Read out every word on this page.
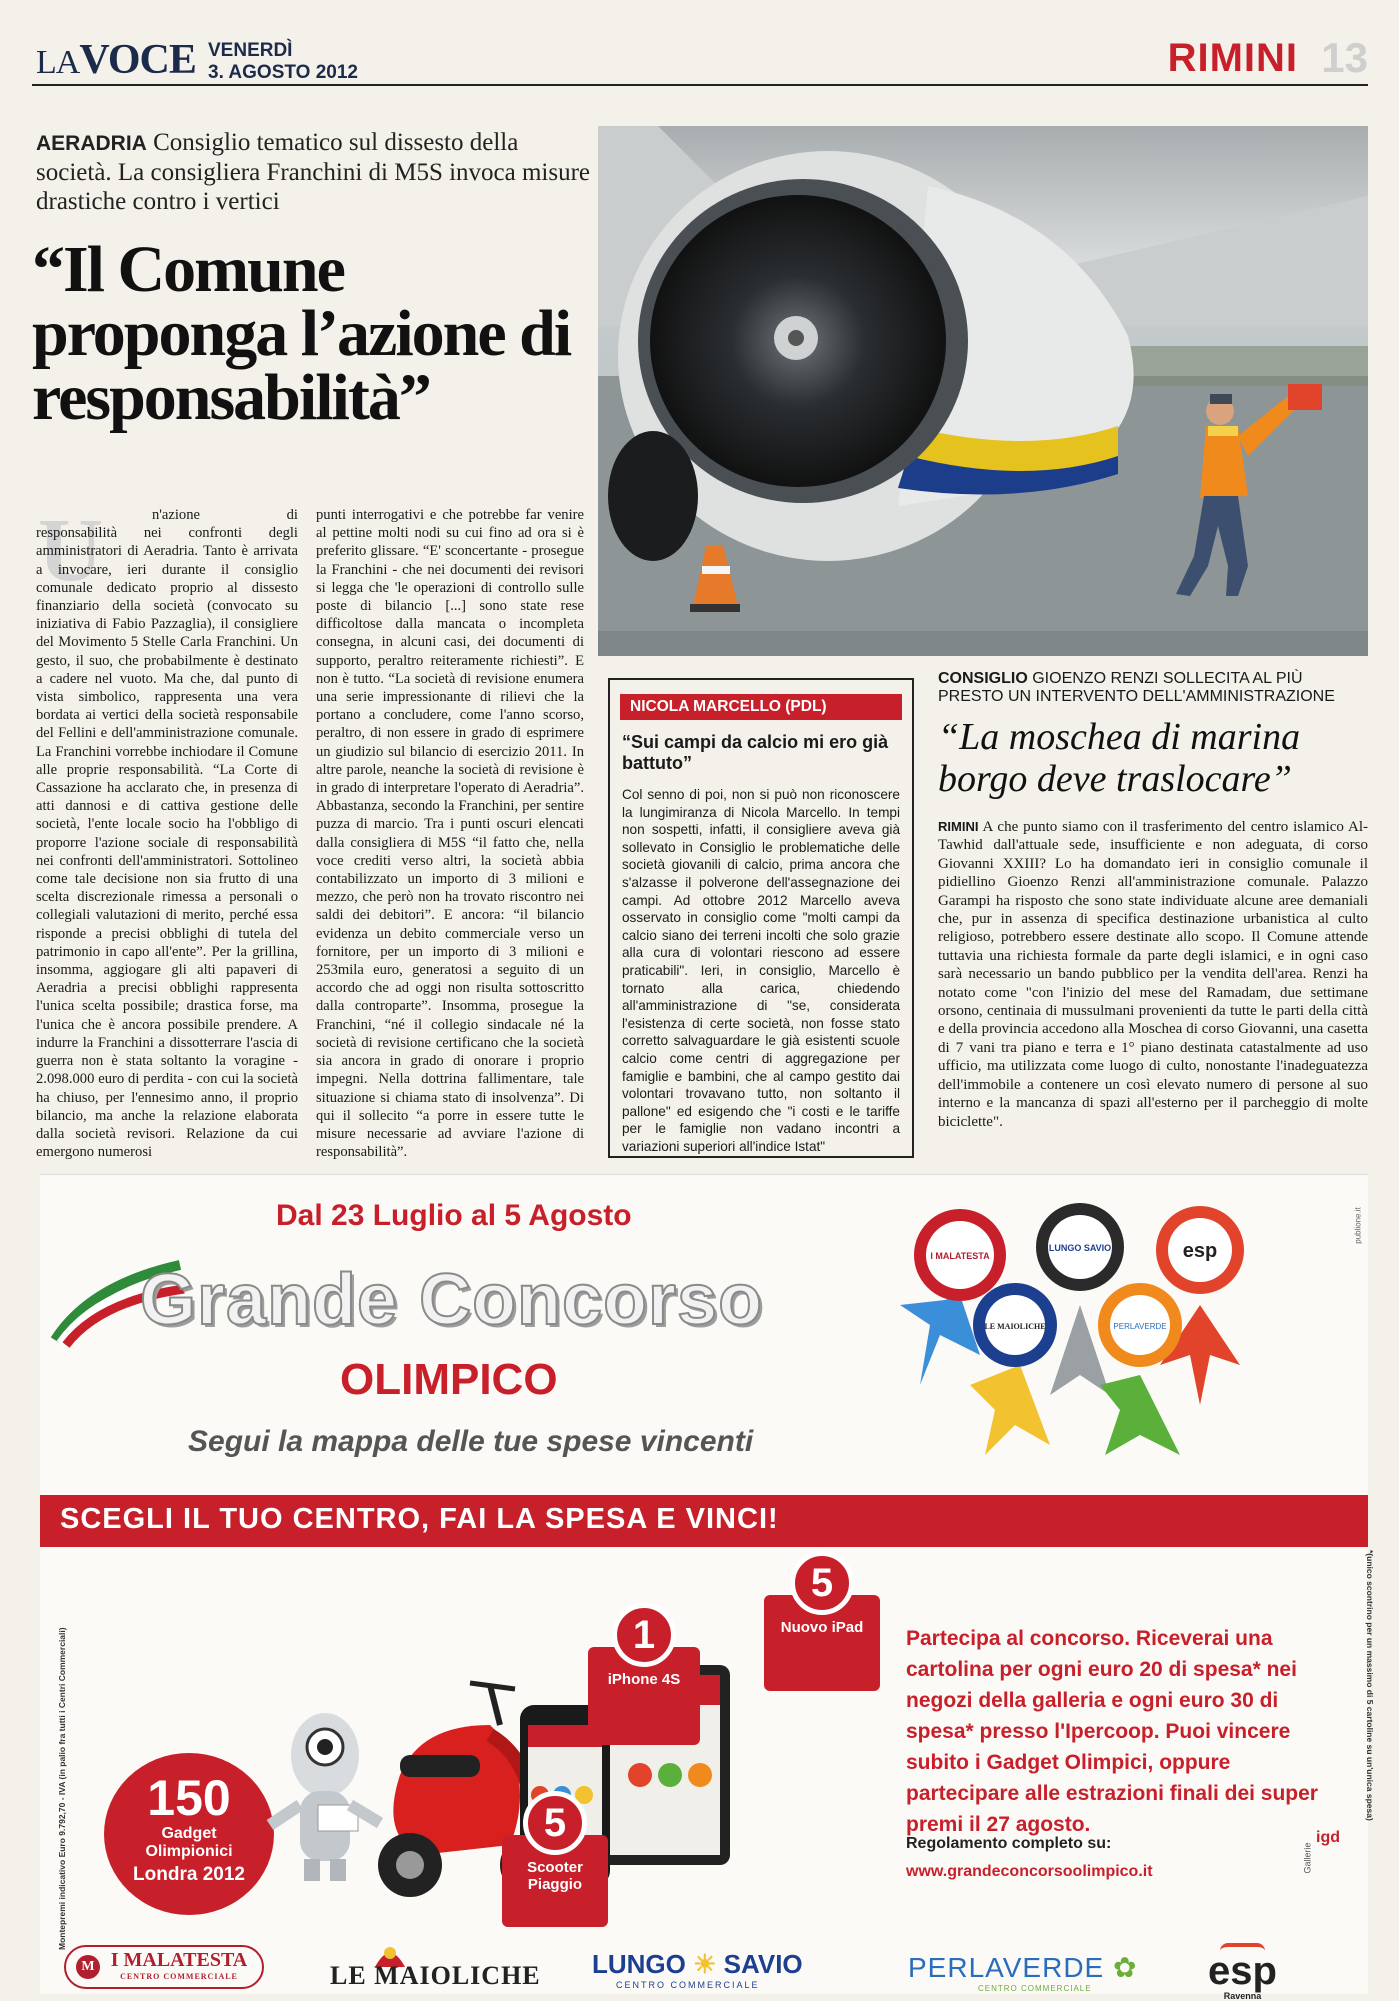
LAVOCE VENERDÌ
3. AGOSTO 2012	RIMINI 13
AERADRIA Consiglio tematico sul dissesto della società. La consigliera Franchini di M5S invoca misure drastiche contro i vertici
“Il Comune proponga l’azione di responsabilità”
U	n'azione di responsabilità nei confronti degli amministratori di Aeradria. Tanto è arrivata a invocare, ieri durante il consiglio comunale dedicato proprio al dissesto finanziario della società (convocato su iniziativa di Fabio Pazzaglia), il consigliere del Movimento 5 Stelle Carla Franchini. Un gesto, il suo, che probabilmente è destinato a cadere nel vuoto. Ma che, dal punto di vista simbolico, rappresenta una vera bordata ai vertici della società responsabile del Fellini e dell'amministrazione comunale. La Franchini vorrebbe inchiodare il Comune alle proprie responsabilità. “La Corte di Cassazione ha acclarato che, in presenza di atti dannosi e di cattiva gestione delle società, l'ente locale socio ha l'obbligo di proporre l'azione sociale di responsabilità nei confronti dell'amministratori. Sottolineo come tale decisione non sia frutto di una scelta discrezionale rimessa a personali o collegiali valutazioni di merito, perché essa risponde a precisi obblighi di tutela del patrimonio in capo all'ente”. Per la grillina, insomma, aggiogare gli alti papaveri di Aeradria a precisi obblighi rappresenta l'unica scelta possibile; drastica forse, ma l'unica che è ancora possibile prendere. A indurre la Franchini a dissotterrare l'ascia di guerra non è stata soltanto la voragine - 2.098.000 euro di perdita - con cui la società ha chiuso, per l'ennesimo anno, il proprio bilancio, ma anche la relazione elaborata dalla società revisori. Relazione da cui emergono numerosi
punti interrogativi e che potrebbe far venire al pettine molti nodi su cui fino ad ora si è preferito glissare. “E' sconcertante - prosegue la Franchini - che nei documenti dei revisori si legga che 'le operazioni di controllo sulle poste di bilancio [...] sono state rese difficoltose dalla mancata o incompleta consegna, in alcuni casi, dei documenti di supporto, peraltro reiteramente richiesti”. E non è tutto. “La società di revisione enumera una serie impressionante di rilievi che la portano a concludere, come l'anno scorso, peraltro, di non essere in grado di esprimere un giudizio sul bilancio di esercizio 2011. In altre parole, neanche la società di revisione è in grado di interpretare l'operato di Aeradria”. Abbastanza, secondo la Franchini, per sentire puzza di marcio. Tra i punti oscuri elencati dalla consigliera di M5S “il fatto che, nella voce crediti verso altri, la società abbia contabilizzato un importo di 3 milioni e mezzo, che però non ha trovato riscontro nei saldi dei debitori”. E ancora: “il bilancio evidenza un debito commerciale verso un fornitore, per un importo di 3 milioni e 253mila euro, generatosi a seguito di un accordo che ad oggi non risulta sottoscritto dalla controparte”. Insomma, prosegue la Franchini, “né il collegio sindacale né la società di revisione certificano che la società sia ancora in grado di onorare i proprio impegni. Nella dottrina fallimentare, tale situazione si chiama stato di insolvenza”. Di qui il sollecito “a porre in essere tutte le misure necessarie ad avviare l'azione di responsabilità”.
NICOLA MARCELLO (PDL)
“Sui campi da calcio mi ero già battuto”
Col senno di poi, non si può non riconoscere la lungimiranza di Nicola Marcello. In tempi non sospetti, infatti, il consigliere aveva già sollevato in Consiglio le problematiche delle società giovanili di calcio, prima ancora che s'alzasse il polverone dell'assegnazione dei campi. Ad ottobre 2012 Marcello aveva osservato in consiglio come "molti campi da calcio siano dei terreni incolti che solo grazie alla cura di volontari riescono ad essere praticabili". Ieri, in consiglio, Marcello è tornato alla carica, chiedendo all'amministrazione di "se, considerata l'esistenza di certe società, non fosse stato corretto salvaguardare le già esistenti scuole calcio come centri di aggregazione per famiglie e bambini, che al campo gestito dai volontari trovavano tutto, non soltanto il pallone" ed esigendo che "i costi e le tariffe per le famiglie non vadano incontri a variazioni superiori all'indice Istat"
CONSIGLIO GIOENZO RENZI SOLLECITA AL PIÙ PRESTO UN INTERVENTO DELL'AMMINISTRAZIONE
“La moschea di marina borgo deve traslocare”
RIMINI A che punto siamo con il trasferimento del centro islamico Al-Tawhid dall'attuale sede, insufficiente e non adeguata, di corso Giovanni XXIII? Lo ha domandato ieri in consiglio comunale il pidiellino Gioenzo Renzi all'amministrazione comunale. Palazzo Garampi ha risposto che sono state individuate alcune aree demaniali che, pur in assenza di specifica destinazione urbanistica al culto religioso, potrebbero essere destinate allo scopo. Il Comune attende tuttavia una richiesta formale da parte degli islamici, e in ogni caso sarà necessario un bando pubblico per la vendita dell'area. Renzi ha notato come "con l'inizio del mese del Ramadam, due settimane orsono, centinaia di mussulmani provenienti da tutte le parti della città e della provincia accedono alla Moschea di corso Giovanni, una casetta di 7 vani tra piano e terra e 1° piano destinata catastalmente ad uso ufficio, ma utilizzata come luogo di culto, nonostante l'inadeguatezza dell'immobile a contenere un così elevato numero di persone al suo interno e la mancanza di spazi all'esterno per il parcheggio di molte biciclette".
publione.it
Dal 23 Luglio al 5 Agosto
Grande Concorso
OLIMPICO
Segui la mappa delle tue spese vincenti
I MALATESTA
LUNGO SAVIO	esp
LE MAIOLICHE	PERLAVERDE
SCEGLI IL TUO CENTRO, FAI LA SPESA E VINCI!
Montepremi indicativo Euro 9.792,70 - IVA (in palio fra tutti i Centri Commerciali)	*(unico scontrino per un massimo di 5 cartoline su un'unica spesa)
150
Gadget
Olimpionici
Londra 2012
1
iPhone 4S
5
Nuovo iPad
5
Scooter Piaggio
Partecipa al concorso. Riceverai una cartolina per ogni euro 20 di spesa* nei negozi della galleria e ogni euro 30 di spesa* presso l'Ipercoop. Puoi vincere subito i Gadget Olimpici, oppure partecipare alle estrazioni finali dei super premi il 27 agosto.
Regolamento completo su:
www.grandeconcorsoolimpico.it
igd
Gallerie
M I MALATESTA
CENTRO COMMERCIALE	LE MAIOLICHE LUNGO ☀ SAVIO
CENTRO COMMERCIALE
PERLAVERDE ✿
CENTRO COMMERCIALE	esp
Ravenna
